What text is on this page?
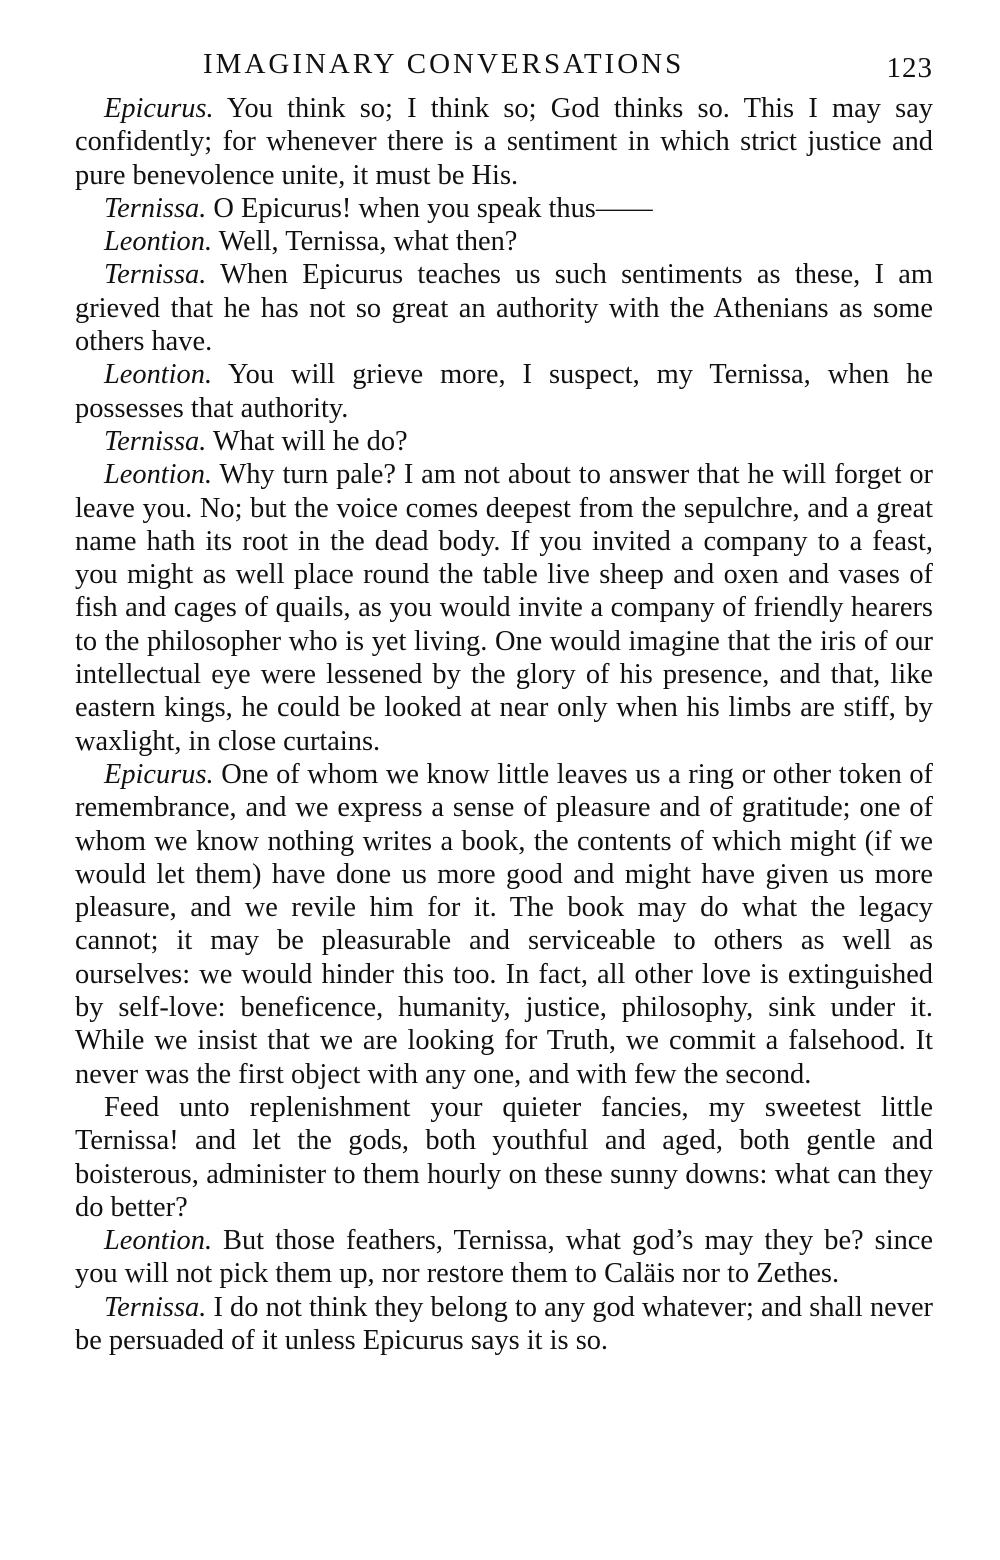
IMAGINARY CONVERSATIONS	123

Epicurus. You think so; I think so; God thinks so. This I may say confidently; for whenever there is a sentiment in which strict justice and pure benevolence unite, it must be His.

Ternissa. O Epicurus! when you speak thus——

Leontion. Well, Ternissa, what then?

Ternissa. When Epicurus teaches us such sentiments as these, I am grieved that he has not so great an authority with the Athenians as some others have.

Leontion. You will grieve more, I suspect, my Ternissa, when he possesses that authority.

Ternissa. What will he do?

Leontion. Why turn pale? I am not about to answer that he will forget or leave you. No; but the voice comes deepest from the sepulchre, and a great name hath its root in the dead body. If you invited a company to a feast, you might as well place round the table live sheep and oxen and vases of fish and cages of quails, as you would invite a company of friendly hearers to the philosopher who is yet living. One would imagine that the iris of our intellectual eye were lessened by the glory of his presence, and that, like eastern kings, he could be looked at near only when his limbs are stiff, by waxlight, in close curtains.

Epicurus. One of whom we know little leaves us a ring or other token of remembrance, and we express a sense of pleasure and of gratitude; one of whom we know nothing writes a book, the contents of which might (if we would let them) have done us more good and might have given us more pleasure, and we revile him for it. The book may do what the legacy cannot; it may be pleasurable and serviceable to others as well as ourselves: we would hinder this too. In fact, all other love is extinguished by self-love: beneficence, humanity, justice, philosophy, sink under it. While we insist that we are looking for Truth, we commit a falsehood. It never was the first object with any one, and with few the second.

Feed unto replenishment your quieter fancies, my sweetest little Ternissa! and let the gods, both youthful and aged, both gentle and boisterous, administer to them hourly on these sunny downs: what can they do better?

Leontion. But those feathers, Ternissa, what god’s may they be? since you will not pick them up, nor restore them to Caläis nor to Zethes.

Ternissa. I do not think they belong to any god whatever; and shall never be persuaded of it unless Epicurus says it is so.
